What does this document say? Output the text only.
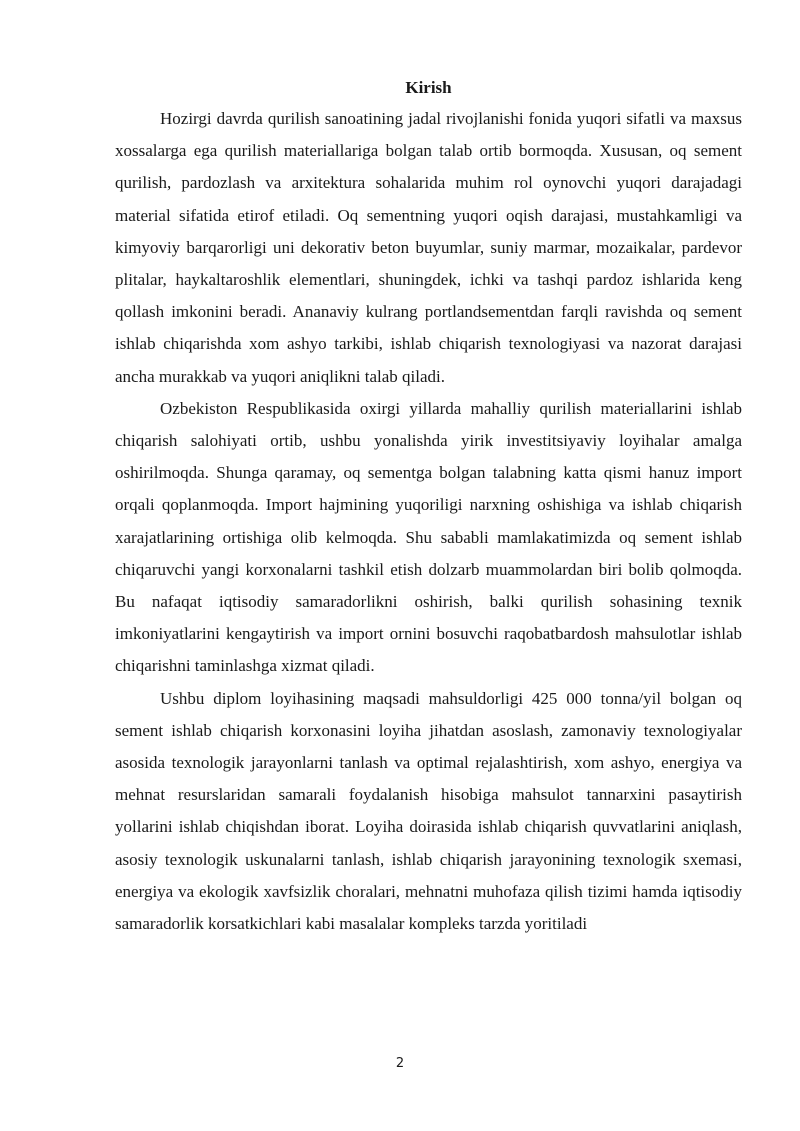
Kirish

Hozirgi davrda qurilish sanoatining jadal rivojlanishi fonida yuqori sifatli va maxsus xossalarga ega qurilish materiallariga bolgan talab ortib bormoqda. Xususan, oq sement qurilish, pardozlash va arxitektura sohalarida muhim rol oynovchi yuqori darajadagi material sifatida etirof etiladi. Oq sementning yuqori oqish darajasi, mustahkamligi va kimyoviy barqarorligi uni dekorativ beton buyumlar, suniy marmar, mozaikalar, pardevor plitalar, haykaltaroshlik elementlari, shuningdek, ichki va tashqi pardoz ishlarida keng qollash imkonini beradi. Ananaviy kulrang portlandsementdan farqli ravishda oq sement ishlab chiqarishda xom ashyo tarkibi, ishlab chiqarish texnologiyasi va nazorat darajasi ancha murakkab va yuqori aniqlikni talab qiladi.

Ozbekiston Respublikasida oxirgi yillarda mahalliy qurilish materiallarini ishlab chiqarish salohiyati ortib, ushbu yonalishda yirik investitsiyaviy loyihalar amalga oshirilmoqda. Shunga qaramay, oq sementga bolgan talabning katta qismi hanuz import orqali qoplanmoqda. Import hajmining yuqoriligi narxning oshishiga va ishlab chiqarish xarajatlarining ortishiga olib kelmoqda. Shu sababli mamlakatimizda oq sement ishlab chiqaruvchi yangi korxonalarni tashkil etish dolzarb muammolardan biri bolib qolmoqda. Bu nafaqat iqtisodiy samaradorlikni oshirish, balki qurilish sohasining texnik imkoniyatlarini kengaytirish va import ornini bosuvchi raqobatbardosh mahsulotlar ishlab chiqarishni taminlashga xizmat qiladi.

Ushbu diplom loyihasining maqsadi mahsuldorligi 425 000 tonna/yil bolgan oq sement ishlab chiqarish korxonasini loyiha jihatdan asoslash, zamonaviy texnologiyalar asosida texnologik jarayonlarni tanlash va optimal rejalashtirish, xom ashyo, energiya va mehnat resurslaridan samarali foydalanish hisobiga mahsulot tannarxini pasaytirish yollarini ishlab chiqishdan iborat. Loyiha doirasida ishlab chiqarish quvvatlarini aniqlash, asosiy texnologik uskunalarni tanlash, ishlab chiqarish jarayonining texnologik sxemasi, energiya va ekologik xavfsizlik choralari, mehnatni muhofaza qilish tizimi hamda iqtisodiy samaradorlik korsatkichlari kabi masalalar kompleks tarzda yoritiladi

2
